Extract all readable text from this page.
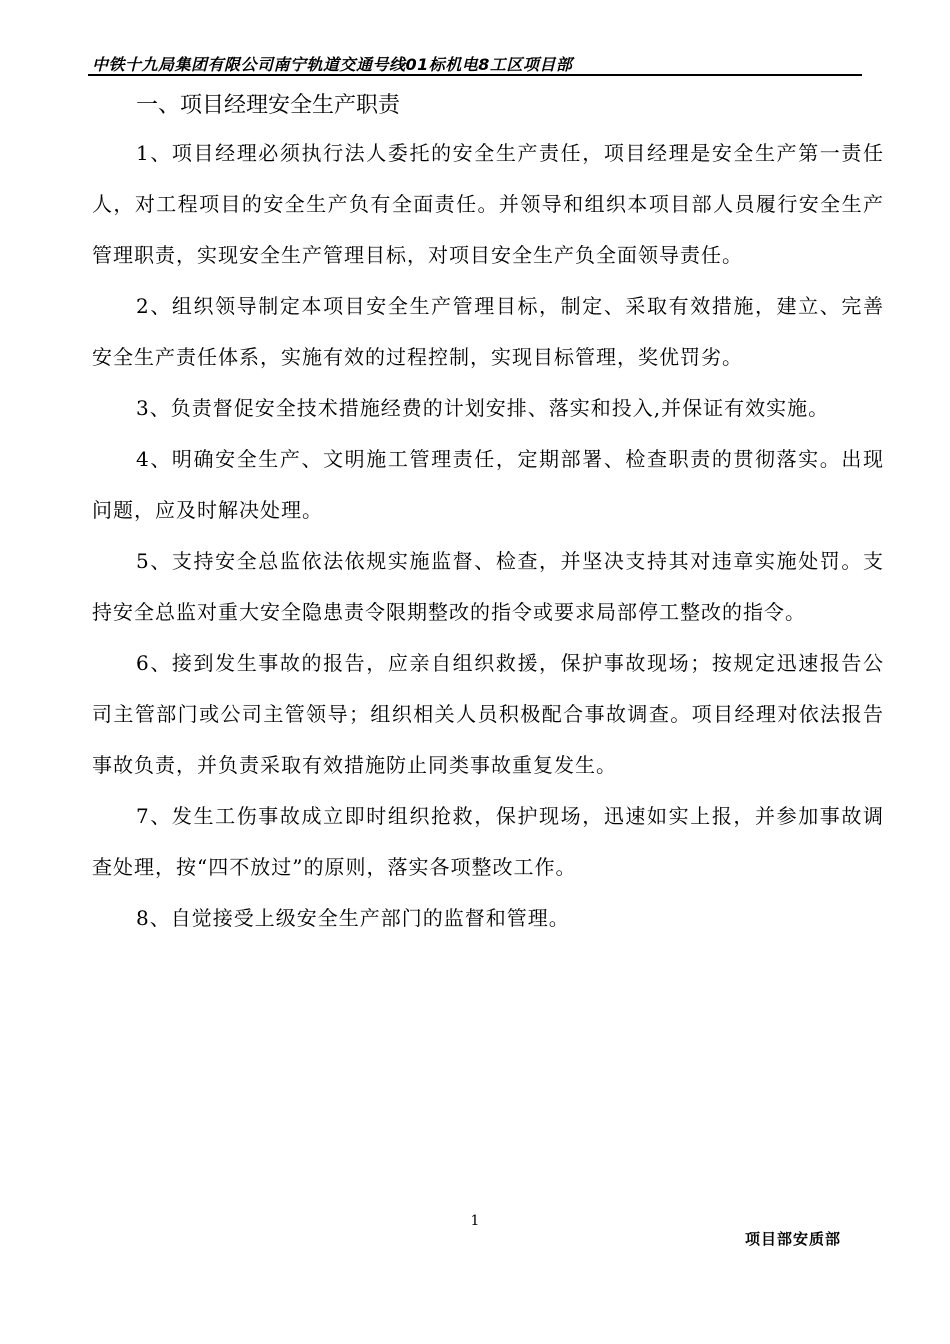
中铁十九局集团有限公司南宁轨道交通号线01标机电8工区项目部
一、项目经理安全生产职责

1、项目经理必须执行法人委托的安全生产责任，项目经理是安全生产第一责任人，对工程项目的安全生产负有全面责任。并领导和组织本项目部人员履行安全生产管理职责，实现安全生产管理目标，对项目安全生产负全面领导责任。

2、组织领导制定本项目安全生产管理目标，制定、采取有效措施，建立、完善安全生产责任体系，实施有效的过程控制，实现目标管理，奖优罚劣。

3、负责督促安全技术措施经费的计划安排、落实和投入,并保证有效实施。

4、明确安全生产、文明施工管理责任，定期部署、检查职责的贯彻落实。出现问题，应及时解决处理。

5、支持安全总监依法依规实施监督、检查，并坚决支持其对违章实施处罚。支持安全总监对重大安全隐患责令限期整改的指令或要求局部停工整改的指令。

6、接到发生事故的报告，应亲自组织救援，保护事故现场；按规定迅速报告公司主管部门或公司主管领导；组织相关人员积极配合事故调查。项目经理对依法报告事故负责，并负责采取有效措施防止同类事故重复发生。

7、发生工伤事故成立即时组织抢救，保护现场，迅速如实上报，并参加事故调查处理，按“四不放过”的原则，落实各项整改工作。

8、自觉接受上级安全生产部门的监督和管理。

1
项目部安质部
